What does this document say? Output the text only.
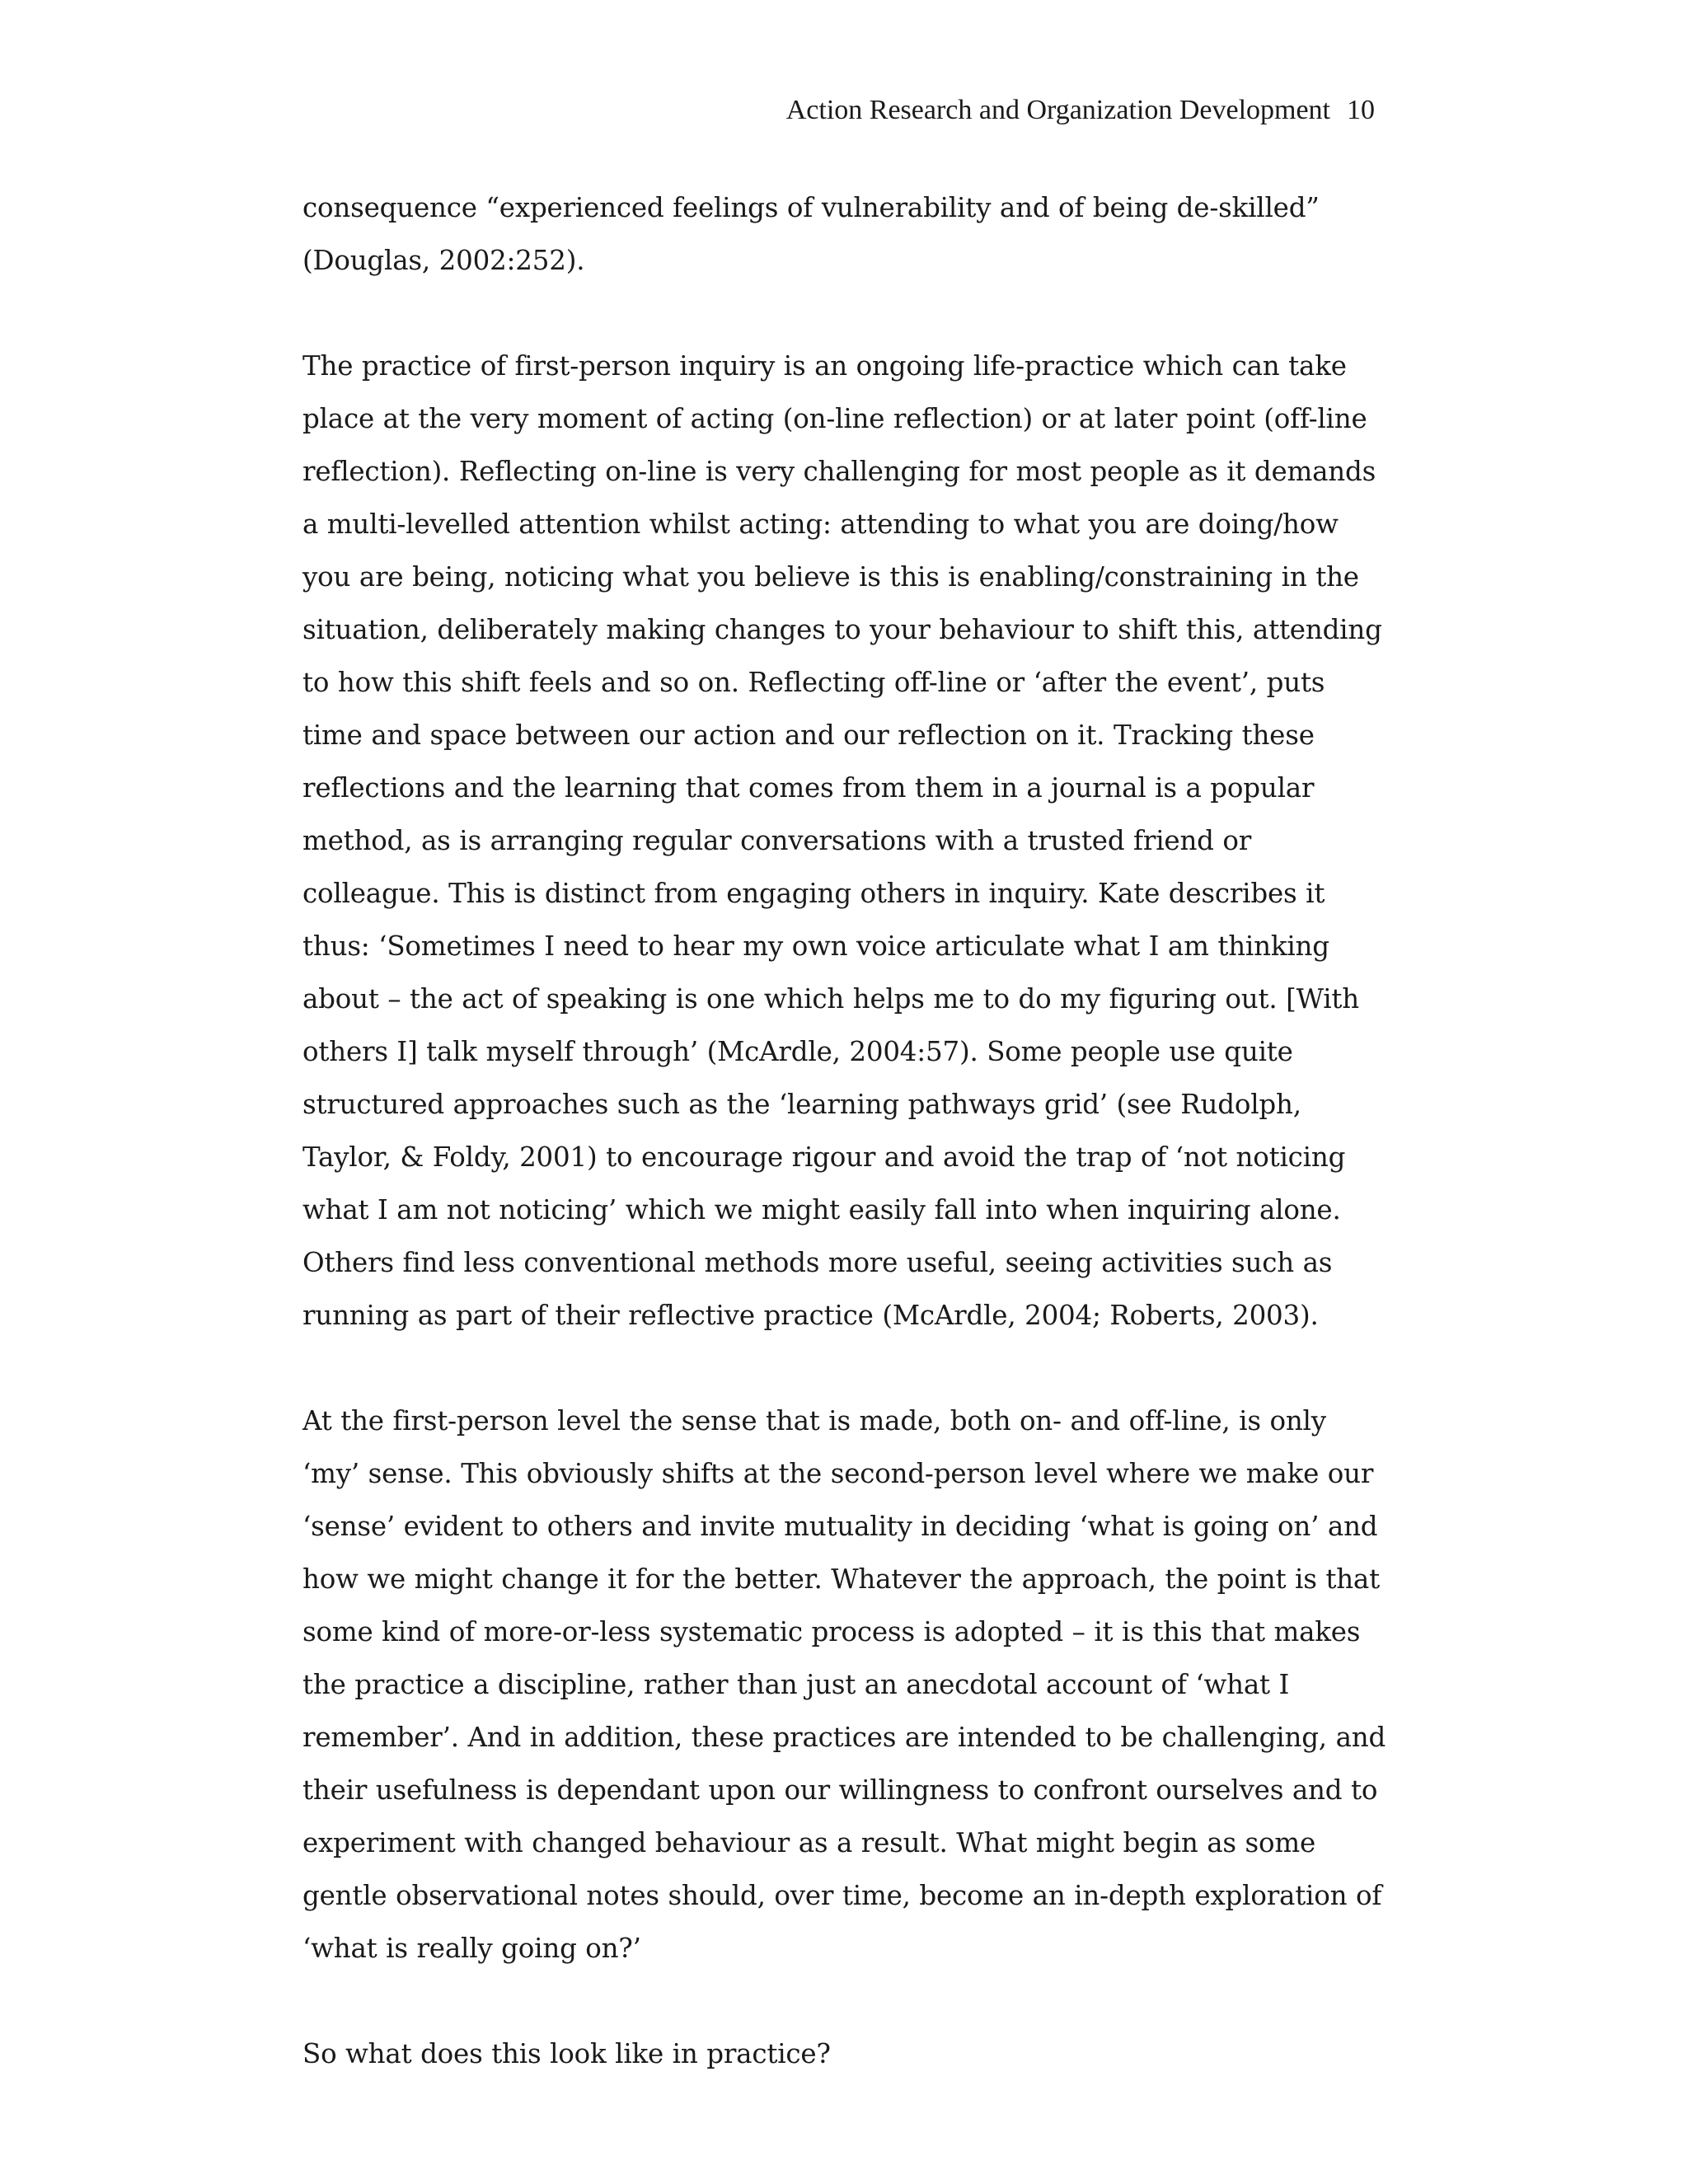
Action Research and Organization Development 10

consequence “experienced feelings of vulnerability and of being de-skilled” (Douglas, 2002:252).

The practice of first-person inquiry is an ongoing life-practice which can take place at the very moment of acting (on-line reflection) or at later point (off-line reflection). Reflecting on-line is very challenging for most people as it demands a multi-levelled attention whilst acting: attending to what you are doing/how you are being, noticing what you believe is this is enabling/constraining in the situation, deliberately making changes to your behaviour to shift this, attending to how this shift feels and so on. Reflecting off-line or ‘after the event’, puts time and space between our action and our reflection on it. Tracking these reflections and the learning that comes from them in a journal is a popular method, as is arranging regular conversations with a trusted friend or colleague. This is distinct from engaging others in inquiry. Kate describes it thus: ‘Sometimes I need to hear my own voice articulate what I am thinking about – the act of speaking is one which helps me to do my figuring out. [With others I] talk myself through’ (McArdle, 2004:57). Some people use quite structured approaches such as the ‘learning pathways grid’ (see Rudolph, Taylor, & Foldy, 2001) to encourage rigour and avoid the trap of ‘not noticing what I am not noticing’ which we might easily fall into when inquiring alone. Others find less conventional methods more useful, seeing activities such as running as part of their reflective practice (McArdle, 2004; Roberts, 2003).

At the first-person level the sense that is made, both on- and off-line, is only ‘my’ sense. This obviously shifts at the second-person level where we make our ‘sense’ evident to others and invite mutuality in deciding ‘what is going on’ and how we might change it for the better. Whatever the approach, the point is that some kind of more-or-less systematic process is adopted – it is this that makes the practice a discipline, rather than just an anecdotal account of ‘what I remember’. And in addition, these practices are intended to be challenging, and their usefulness is dependant upon our willingness to confront ourselves and to experiment with changed behaviour as a result. What might begin as some gentle observational notes should, over time, become an in-depth exploration of ‘what is really going on?’

So what does this look like in practice?
